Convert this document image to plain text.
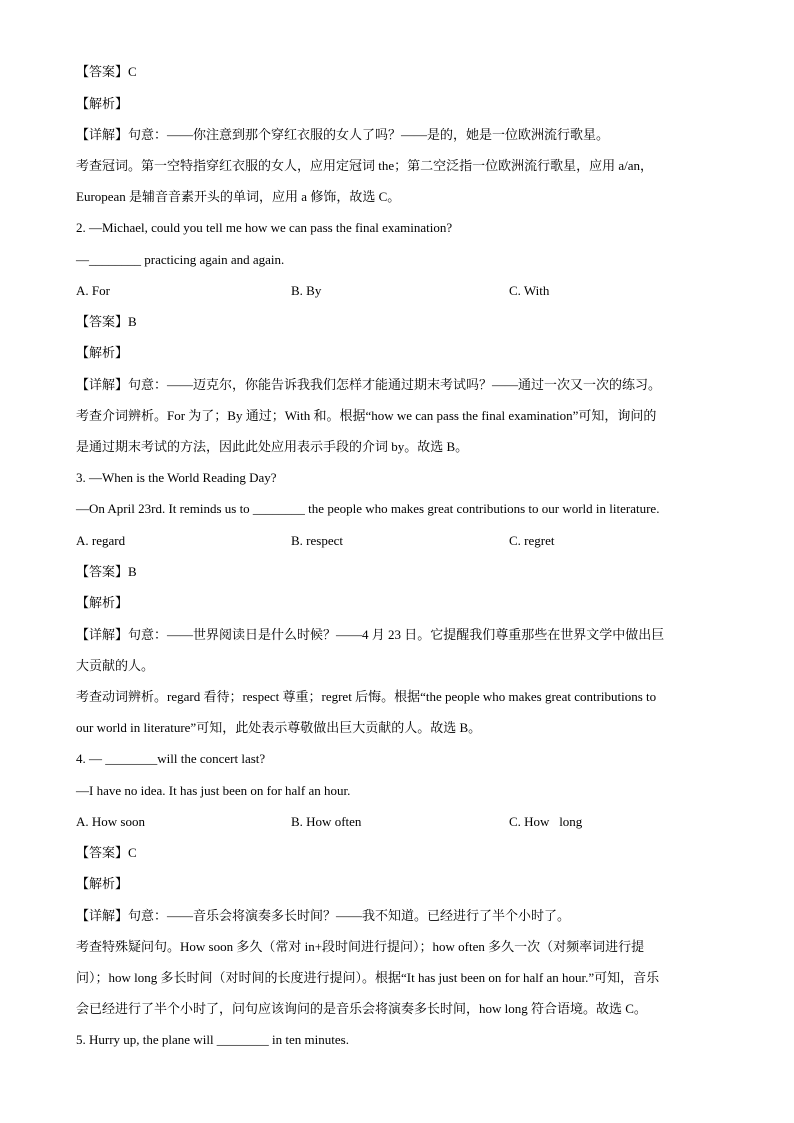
【答案】C
【解析】
【详解】句意：——你注意到那个穿红衣服的女人了吗？——是的，她是一位欧洲流行歌星。
考查冠词。第一空特指穿红衣服的女人，应用定冠词 the；第二空泛指一位欧洲流行歌星，应用 a/an，
European 是辅音音素开头的单词，应用 a 修饰，故选 C。
2. —Michael, could you tell me how we can pass the final examination?
—________ practicing again and again.
A. For	B. By	C. With
【答案】B
【解析】
【详解】句意：——迈克尔，你能告诉我我们怎样才能通过期末考试吗？——通过一次又一次的练习。
考查介词辨析。For 为了；By 通过；With 和。根据“how we can pass the final examination”可知，询问的
是通过期末考试的方法，因此此处应用表示手段的介词 by。故选 B。
3. —When is the World Reading Day?
—On April 23rd. It reminds us to ________ the people who makes great contributions to our world in literature.
A. regard	B. respect	C. regret
【答案】B
【解析】
【详解】句意：——世界阅读日是什么时候？——4 月 23 日。它提醒我们尊重那些在世界文学中做出巨
大贡献的人。
考查动词辨析。regard 看待；respect 尊重；regret 后悔。根据“the people who makes great contributions to
our world in literature”可知，此处表示尊敬做出巨大贡献的人。故选 B。
4. — ________will the concert last?
—I have no idea. It has just been on for half an hour.
A. How soon	B. How often	C. How   long
【答案】C
【解析】
【详解】句意：——音乐会将演奏多长时间？——我不知道。已经进行了半个小时了。
考查特殊疑问句。How soon 多久（常对 in+段时间进行提问）；how often 多久一次（对频率词进行提
问）；how long 多长时间（对时间的长度进行提问）。根据“It has just been on for half an hour.”可知，音乐
会已经进行了半个小时了，问句应该询问的是音乐会将演奏多长时间，how long 符合语境。故选 C。
5. Hurry up, the plane will ________ in ten minutes.
